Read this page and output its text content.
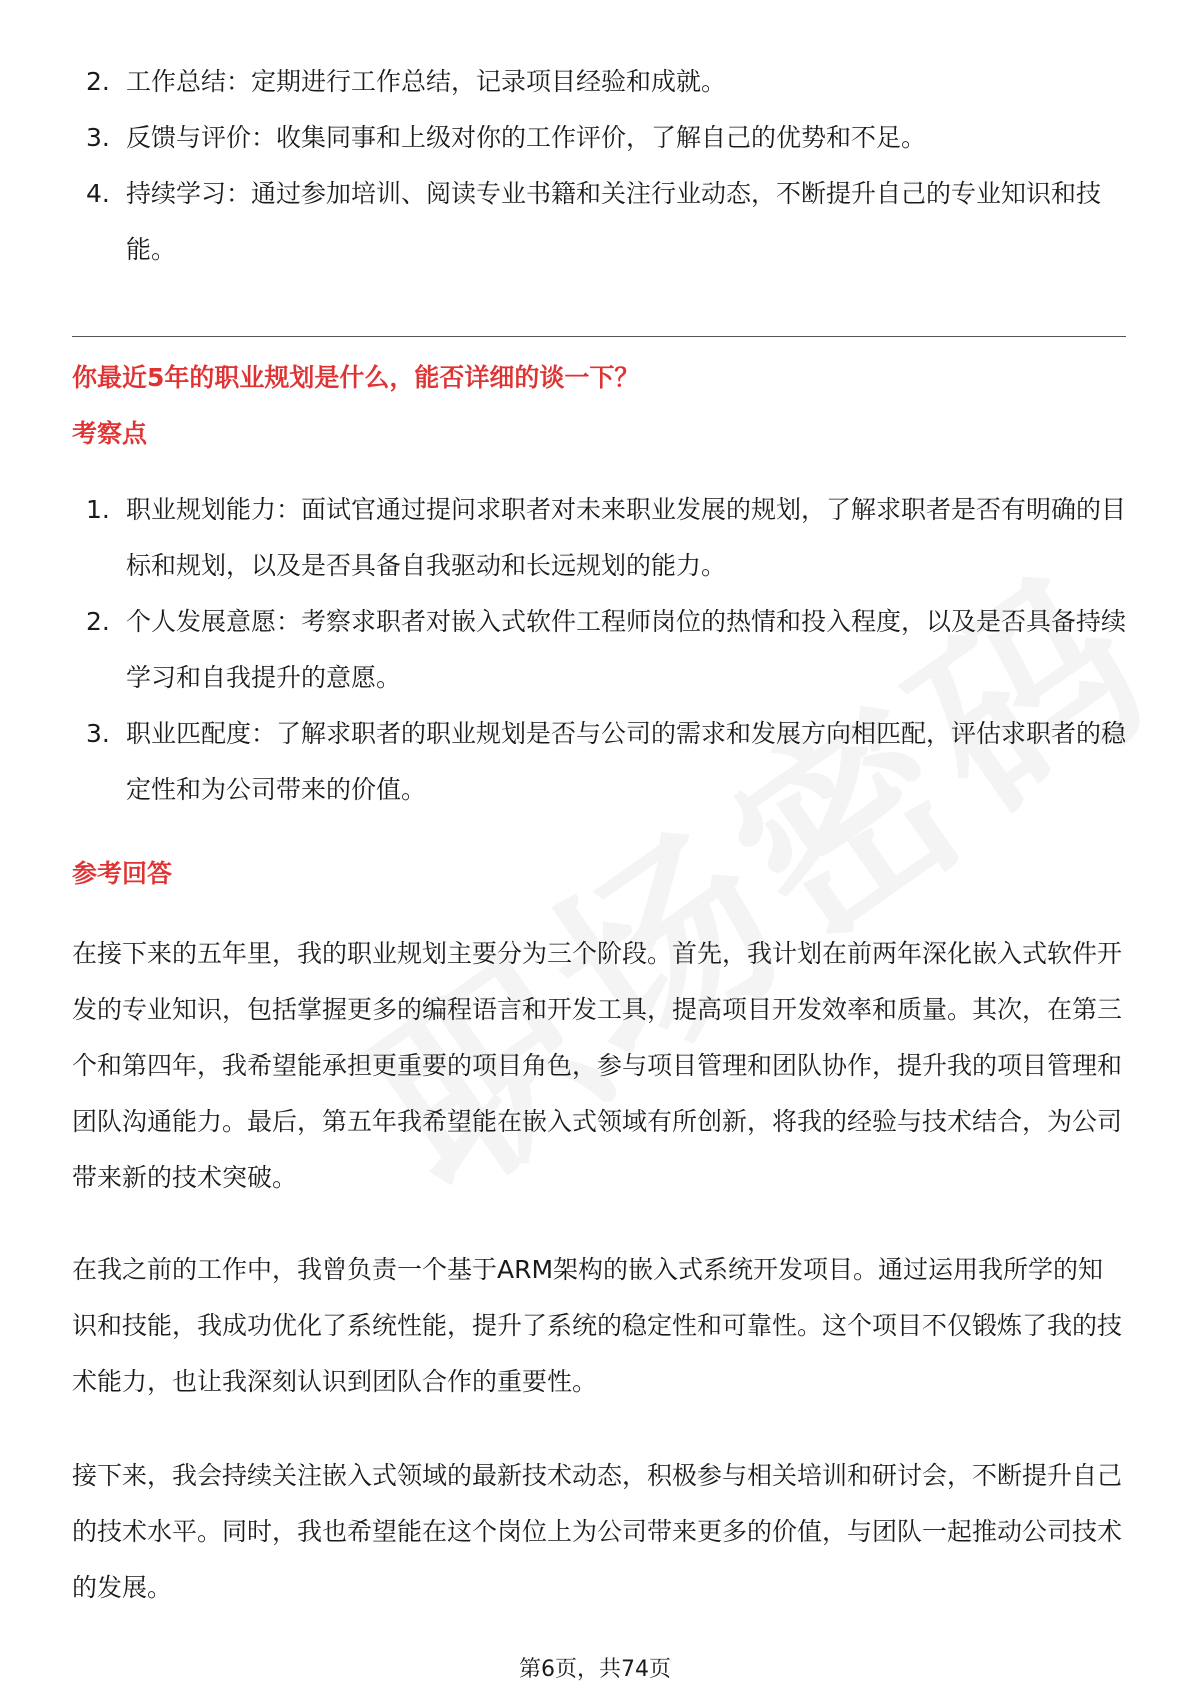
2. 工作总结：定期进行工作总结，记录项目经验和成就。
3. 反馈与评价：收集同事和上级对你的工作评价，了解自己的优势和不足。
4. 持续学习：通过参加培训、阅读专业书籍和关注行业动态，不断提升自己的专业知识和技能。
你最近5年的职业规划是什么，能否详细的谈一下？
考察点
1. 职业规划能力：面试官通过提问求职者对未来职业发展的规划，了解求职者是否有明确的目标和规划，以及是否具备自我驱动和长远规划的能力。
2. 个人发展意愿：考察求职者对嵌入式软件工程师岗位的热情和投入程度，以及是否具备持续学习和自我提升的意愿。
3. 职业匹配度：了解求职者的职业规划是否与公司的需求和发展方向相匹配，评估求职者的稳定性和为公司带来的价值。
参考回答

在接下来的五年里，我的职业规划主要分为三个阶段。首先，我计划在前两年深化嵌入式软件开发的专业知识，包括掌握更多的编程语言和开发工具，提高项目开发效率和质量。其次，在第三个和第四年，我希望能承担更重要的项目角色，参与项目管理和团队协作，提升我的项目管理和团队沟通能力。最后，第五年我希望能在嵌入式领域有所创新，将我的经验与技术结合，为公司带来新的技术突破。

在我之前的工作中，我曾负责一个基于ARM架构的嵌入式系统开发项目。通过运用我所学的知识和技能，我成功优化了系统性能，提升了系统的稳定性和可靠性。这个项目不仅锻炼了我的技术能力，也让我深刻认识到团队合作的重要性。

接下来，我会持续关注嵌入式领域的最新技术动态，积极参与相关培训和研讨会，不断提升自己的技术水平。同时，我也希望能在这个岗位上为公司带来更多的价值，与团队一起推动公司技术的发展。

第6页，共74页
